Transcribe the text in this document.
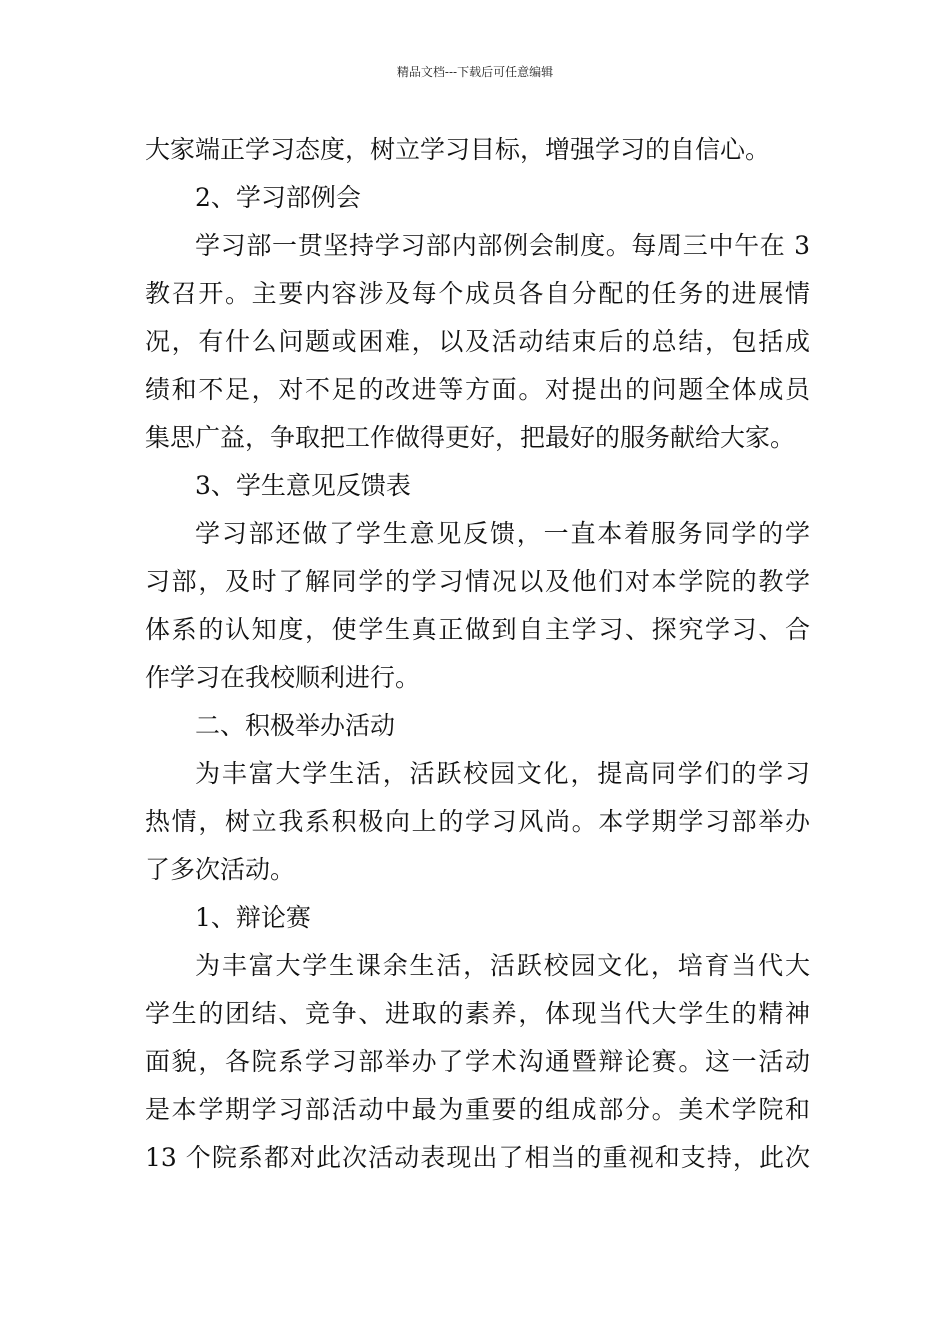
精品文档---下载后可任意编辑
大家端正学习态度，树立学习目标，增强学习的自信心。
2、学习部例会
学习部一贯坚持学习部内部例会制度。每周三中午在 3
教召开。主要内容涉及每个成员各自分配的任务的进展情
况，有什么问题或困难，以及活动结束后的总结，包括成
绩和不足，对不足的改进等方面。对提出的问题全体成员
集思广益，争取把工作做得更好，把最好的服务献给大家。
3、学生意见反馈表
学习部还做了学生意见反馈，一直本着服务同学的学
习部，及时了解同学的学习情况以及他们对本学院的教学
体系的认知度，使学生真正做到自主学习、探究学习、合
作学习在我校顺利进行。
二、积极举办活动
为丰富大学生活，活跃校园文化，提高同学们的学习
热情，树立我系积极向上的学习风尚。本学期学习部举办
了多次活动。
1、辩论赛
为丰富大学生课余生活，活跃校园文化，培育当代大
学生的团结、竞争、进取的素养，体现当代大学生的精神
面貌，各院系学习部举办了学术沟通暨辩论赛。这一活动
是本学期学习部活动中最为重要的组成部分。美术学院和
13 个院系都对此次活动表现出了相当的重视和支持，此次
